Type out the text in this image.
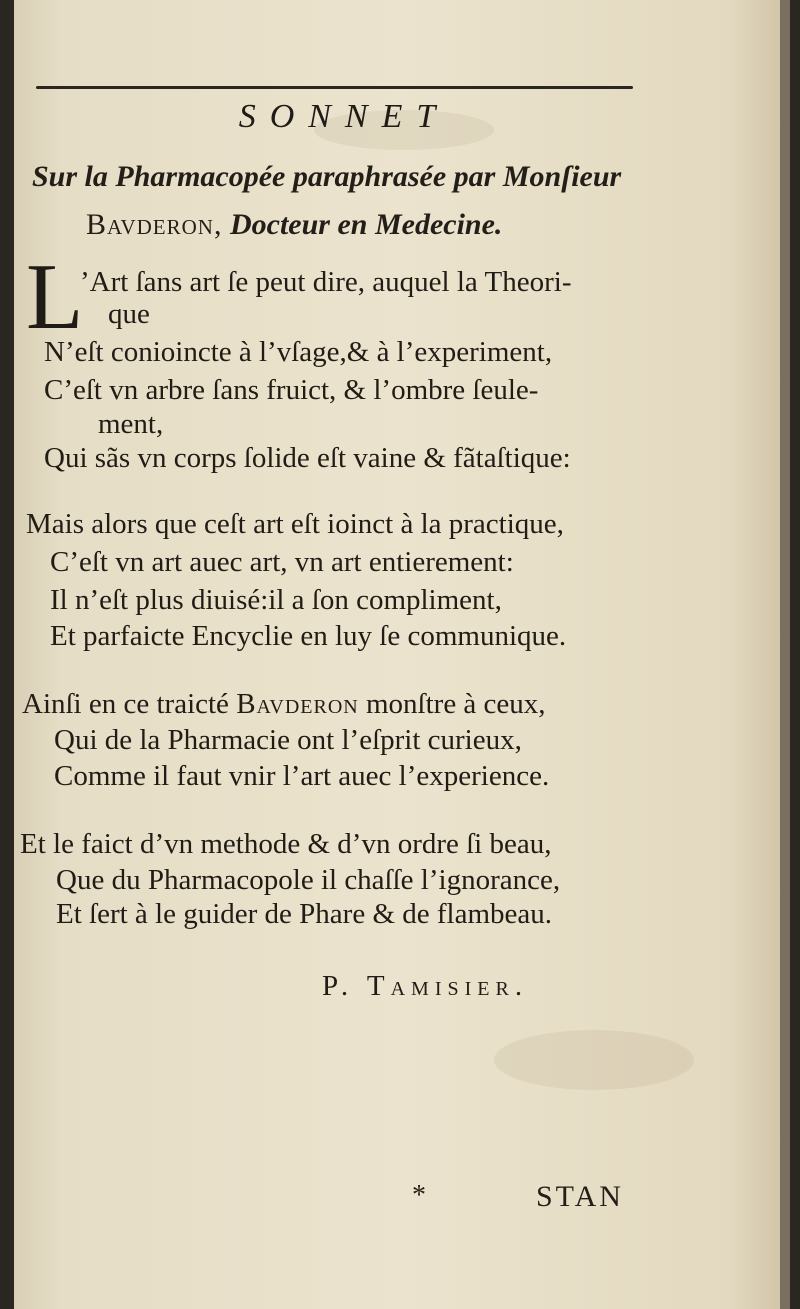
SONNET
Sur la Pharmacopée paraphrasée par Monſieur
Bavderon, Docteur en Medecine.
L
’Art ſans art ſe peut dire, auquel la Theori-
que
N’eſt conioincte à l’vſage,& à l’experiment,
C’eſt vn arbre ſans fruict, & l’ombre ſeule-
ment,
Qui sãs vn corps ſolide eſt vaine & fãtaſtique:
Mais alors que ceſt art eſt ioinct à la practique,
C’eſt vn art auec art, vn art entierement:
Il n’eſt plus diuisé:il a ſon compliment,
Et parfaicte Encyclie en luy ſe communique.
Ainſi en ce traicté Bavderon monſtre à ceux,
Qui de la Pharmacie ont l’eſprit curieux,
Comme il faut vnir l’art auec l’experience.
Et le faict d’vn methode & d’vn ordre ſi beau,
Que du Pharmacopole il chaſſe l’ignorance,
Et ſert à le guider de Phare & de flambeau.
P. Tamisier.
*	STAN
